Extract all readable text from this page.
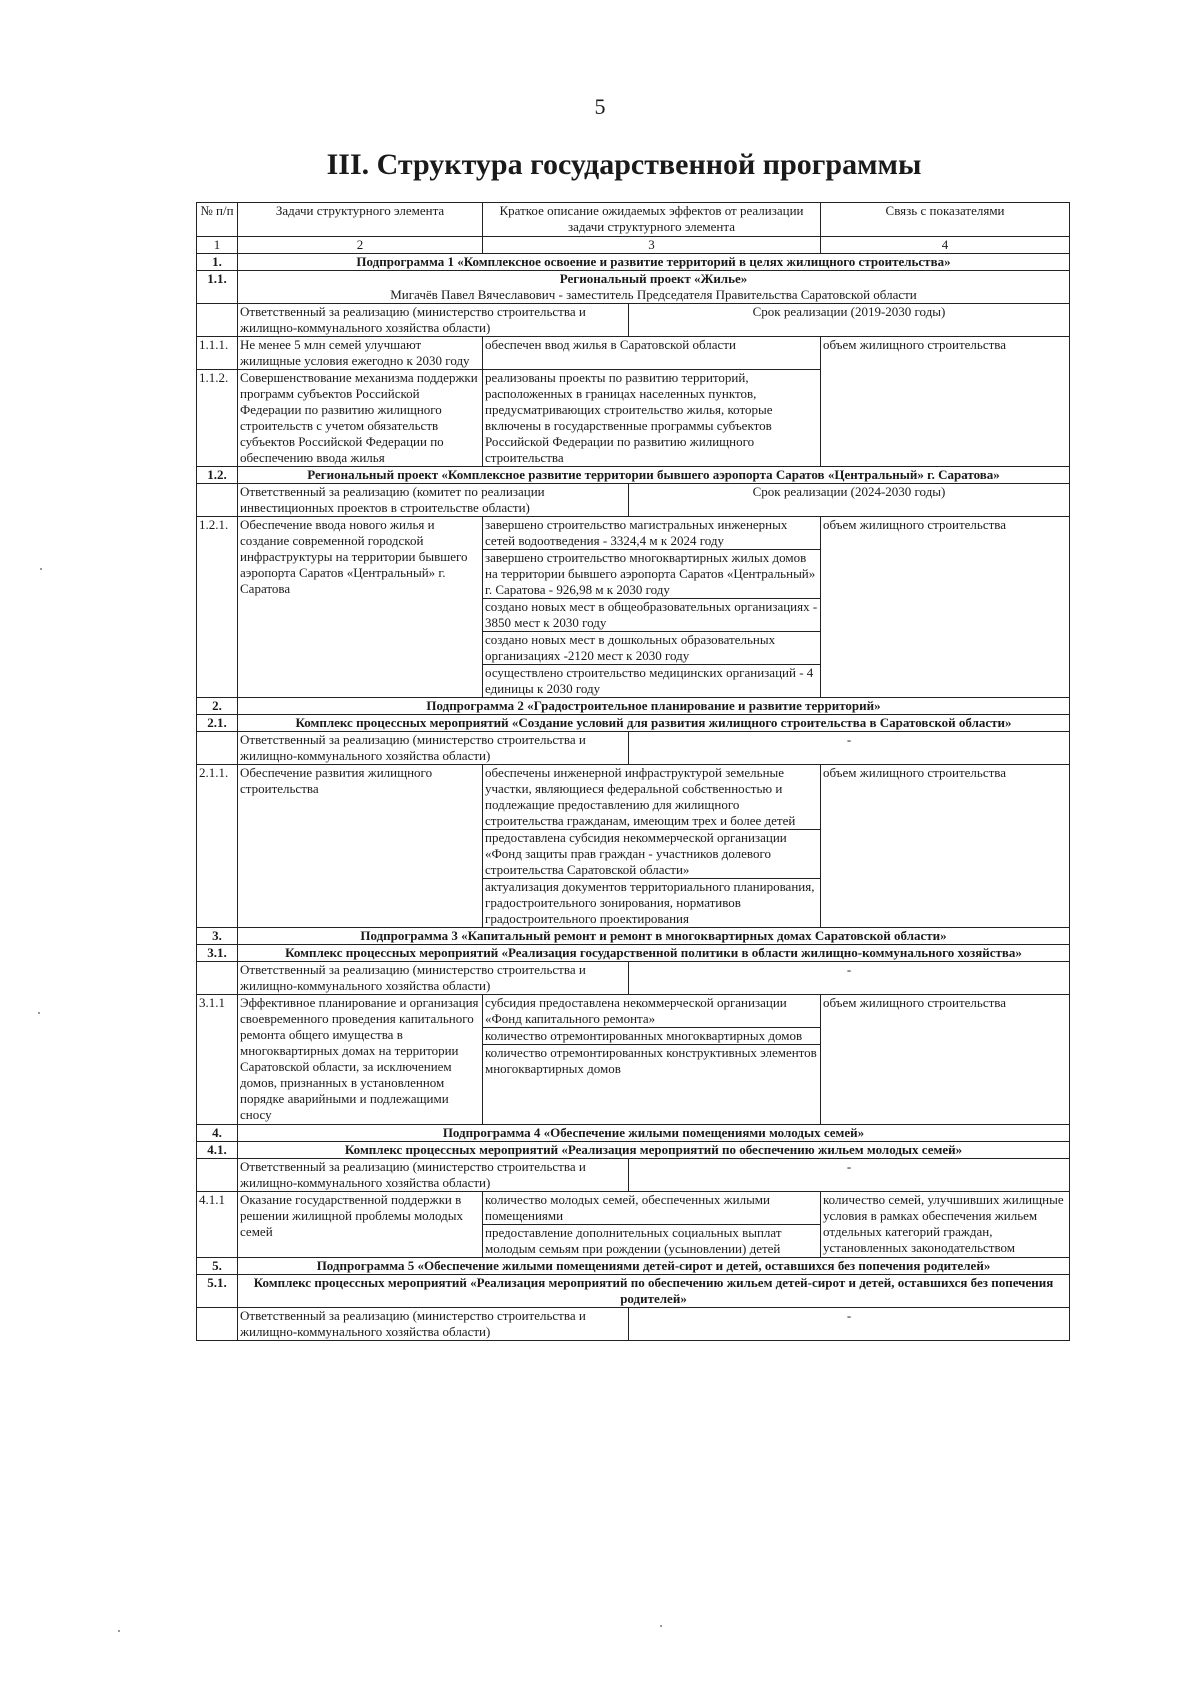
5
III. Структура государственной программы
№ п/п	Задачи структурного элемента	Краткое описание ожидаемых эффектов от реализации задачи структурного элемента		Связь с показателями
1	2	3		4
1.	Подпрограмма 1 «Комплексное освоение и развитие территорий в целях жилищного строительства»			
1.1.	Региональный проект «Жилье»
Мигачёв Павел Вячеславович - заместитель Председателя Правительства Саратовской области			

	Ответственный за реализацию (министерство строительства и жилищно-коммунального хозяйства области)		Срок реализации (2019-2030 годы)	
1.1.1.	Не менее 5 млн семей улучшают жилищные условия ежегодно к 2030 году	обеспечен ввод жилья в Саратовской области		объем жилищного строительства
1.1.2.	Совершенствование механизма поддержки программ субъектов Российской Федерации по развитию жилищного строительств с учетом обязательств субъектов Российской Федерации по обеспечению ввода жилья	реализованы проекты по развитию территорий, расположенных в границах населенных пунктов, предусматривающих строительство жилья, которые включены в государственные программы субъектов Российской Федерации по развитию жилищного строительства		
1.2.	Региональный проект «Комплексное развитие территории бывшего аэропорта Саратов «Центральный» г. Саратова»			
	Ответственный за реализацию (комитет по реализации инвестиционных проектов в строительстве области)		Срок реализации (2024-2030 годы)	
1.2.1.	Обеспечение ввода нового жилья и создание современной городской инфраструктуры на территории бывшего аэропорта Саратов «Центральный» г. Саратова	завершено строительство магистральных инженерных сетей водоотведения - 3324,4 м к 2024 году		объем жилищного строительства
		завершено строительство многоквартирных жилых домов на территории бывшего аэропорта Саратов «Центральный» г. Саратова - 926,98 м к 2030 году		
		создано новых мест в общеобразовательных организациях - 3850 мест к 2030 году		
		создано новых мест в дошкольных образовательных организациях -2120 мест к 2030 году		
		осуществлено строительство медицинских организаций - 4 единицы к 2030 году		
2.	Подпрограмма 2 «Градостроительное планирование и развитие территорий»			
2.1.	Комплекс процессных мероприятий «Создание условий для развития жилищного строительства в Саратовской области»			
	Ответственный за реализацию (министерство строительства и жилищно-коммунального хозяйства области)		-	
2.1.1.	Обеспечение развития жилищного строительства	обеспечены инженерной инфраструктурой земельные участки, являющиеся федеральной собственностью и подлежащие предоставлению для жилищного строительства гражданам, имеющим трех и более детей		объем жилищного строительства
		предоставлена субсидия некоммерческой организации «Фонд защиты прав граждан - участников долевого строительства Саратовской области»		
		актуализация документов территориального планирования, градостроительного зонирования, нормативов градостроительного проектирования		
3.	Подпрограмма 3 «Капитальный ремонт и ремонт в многоквартирных домах Саратовской области»			
3.1.	Комплекс процессных мероприятий «Реализация государственной политики в области жилищно-коммунального хозяйства»			
	Ответственный за реализацию (министерство строительства и жилищно-коммунального хозяйства области)		-	
3.1.1	Эффективное планирование и организация своевременного проведения капитального ремонта общего имущества в многоквартирных домах на территории Саратовской области, за исключением домов, признанных в установленном порядке аварийными и подлежащими сносу	субсидия предоставлена некоммерческой организации «Фонд капитального ремонта»		объем жилищного строительства
		количество отремонтированных многоквартирных домов		
		количество отремонтированных конструктивных элементов многоквартирных домов		
4.	Подпрограмма 4 «Обеспечение жилыми помещениями молодых семей»			
4.1.	Комплекс процессных мероприятий «Реализация мероприятий по обеспечению жильем молодых семей»			
	Ответственный за реализацию (министерство строительства и жилищно-коммунального хозяйства области)		-	
4.1.1	Оказание государственной поддержки в решении жилищной проблемы молодых семей	количество молодых семей, обеспеченных жилыми помещениями		количество семей, улучшивших жилищные условия в рамках обеспечения жильем отдельных категорий граждан, установленных законодательством
		предоставление дополнительных социальных выплат молодым семьям при рождении (усыновлении) детей		
5.	Подпрограмма 5 «Обеспечение жилыми помещениями детей-сирот и детей, оставшихся без попечения родителей»			
5.1.	Комплекс процессных мероприятий «Реализация мероприятий по обеспечению жильем детей-сирот и детей, оставшихся без попечения родителей»			
	Ответственный за реализацию (министерство строительства и жилищно-коммунального хозяйства области)		-	
